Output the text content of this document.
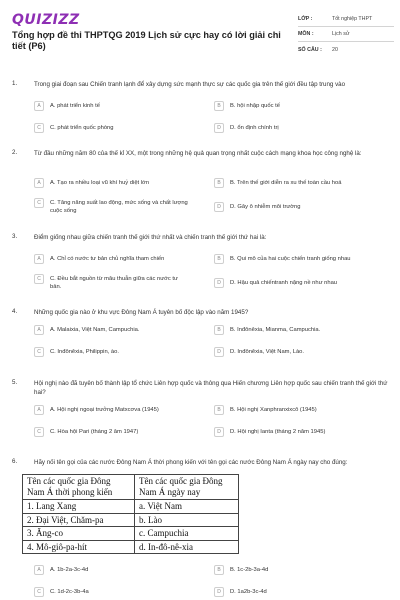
QUIZIZZ
Tổng hợp đề thi THPTQG 2019 Lịch sử cực hay có lời giải chi tiết (P6)
LỚP :	Tốt nghiệp THPT
MÔN :	Lịch sử
SỐ CÂU :	20
1.	Trong giai đoạn sau Chiến tranh lạnh để xây dựng sức mạnh thực sự các quốc gia trên thế giới đều tập trung vào
A	A. phát triển kinh tế	B	B. hội nhập quốc tế
C	C. phát triển quốc phòng	D	D. ổn định chính trị
2.	Từ đầu những năm 80 của thế kỉ XX, một trong những hệ quả quan trọng nhất cuộc cách mạng khoa học công nghệ là:
A	A. Tạo ra nhiều loại vũ khí huỷ diệt lớn	B	B. Trên thế giới diễn ra xu thế toàn cầu hoá
C	C. Tăng năng suất lao động, mức sống và chất lượng cuộc sống
D	D. Gây ô nhiễm môi trường
3.	Điểm giống nhau giữa chiến tranh thế giới thứ nhất và chiến tranh thế giới thứ hai là:
A	A. Chỉ có nước tư bản chủ nghĩa tham chiến	B	B. Qui mô của hai cuộc chiến tranh giống nhau
C	C. Đều bắt nguồn từ mâu thuẫn giữa các nước tư bản.
D	D. Hậu quả chiếntranh nặng nề như nhau
4.	Những quốc gia nào ở khu vực Đông Nam Á tuyên bố độc lập vào năm 1945?
A	A. Malaixia, Việt Nam, Campuchia.	B	B. Inđônêxia, Mianma, Campuchia.
C	C. Inđônêxia, Philippin, ào.	D	D. Inđônêxia, Việt Nam, Lào.
5.	Hội nghị nào đã tuyên bố thành lập tổ chức Liên hợp quốc và thông qua Hiến chương Liên hợp quốc sau chiến tranh thế giới thứ hai?
A	A. Hội nghị ngoại trưởng Matxcơva (1945)	B	B. Hội nghị Xanphranxixcô (1945)
C	C. Hòa hội Pari (tháng 2 âm 1947)	D	D. Hội nghị Ianta (tháng 2 năm 1945)
6.	Hãy nối tên gọi của các nước Đông Nam Á thời phong kiến với tên gọi các nước Đông Nam Á ngày nay cho đúng:
Tên các quốc gia Đông Nam Á thời phong kiến	Tên các quốc gia Đông Nam Á ngày nay
1. Lang Xang	a. Việt Nam
2. Đại Việt, Chăm-pa	b. Lào
3. Ăng-co	c. Campuchia
4. Mô-giô-pa-hít	d. In-đô-nê-xia
A	A. 1b-2a-3c-4d	B	B. 1c-2b-3a-4d
C	C. 1d-2c-3b-4a	D	D. 1a2b-3c-4d
